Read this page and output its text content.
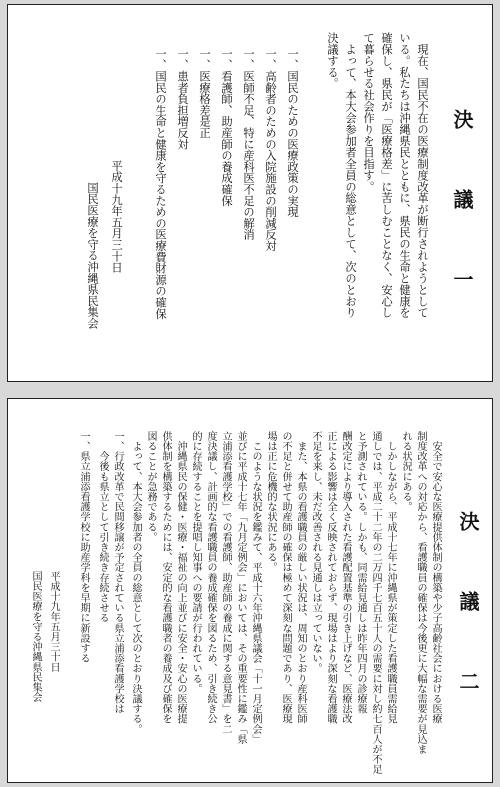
決　議　一

　現在、国民不在の医療制度改革が断行されようとして

いる。私たちは沖縄県民とともに、県民の生命と健康を

確保し、県民が「医療格差」に苦しむことなく、安心し

て暮らせる社会作りを目指す。

　よって、本大会参加者全員の総意として、次のとおり

決議する。

一、国民のための医療政策の実現
一、高齢者のための入院施設の削減反対
一、医師不足、特に産科医不足の解消
一、看護師、助産師の養成確保
一、医療格差是正
一、患者負担増反対
一、国民の生命と健康を守るための医療費財源の確保
平成十九年五月三十日
国民医療を守る沖縄県民集会
決　議　二

　安全で安心な医療提供体制の構築や少子高齢社会における医療

制度改革への対応から、看護職員の確保は今後更に大幅な需要が見込ま

れる状況にある。

　しかしながら、平成十七年に沖縄県が策定した看護職員需給見

通しでは、平成二十二年の二万四千七百五十人の需要に対し約七百人が不足

と予測されている。しかも、同需給見通しは昨年四月の診療報

酬改定により導入された看護配置基準の引き上げなど、医療法改

正による影響は全く反映されておらず、現場はより深刻な看護職

不足を来し、未だ改善される見通しは立っていない。

　また、本県の看護職員の厳しい状況は、周知のとおり産科医師

の不足と併せて助産師の確保は極めて深刻な問題であり、医療現

場は正に危機的な状況にある。

　このような状況を鑑みて、平成十六年沖縄県議会「十一月定例会」

並びに平成十七年「九月定例会」においては、その重要性に鑑み「県

立浦添看護学校」での看護師、助産師の養成に関する意見書」を二

度決議し、計画的な看護職員の養成確保を図るため、引き続き公

的に存続することを提唱し知事への要請が行われている。

　沖縄県民の保健・医療・福祉の向上並びに安全・安心の医療提

供体制を構築するためには、安定的な看護職者の養成及び確保を

図ることが急務である。

　よって、本大会参加者の全員の総意として次のとおり決議する。

一、行政改革で民間移譲が予定されている県立浦添看護学校は
　　今後も県立として引き続き存続させる
一、県立浦添看護学校に助産学科を早期に新設する
平成十九年五月三十日
国民医療を守る沖縄県民集会
